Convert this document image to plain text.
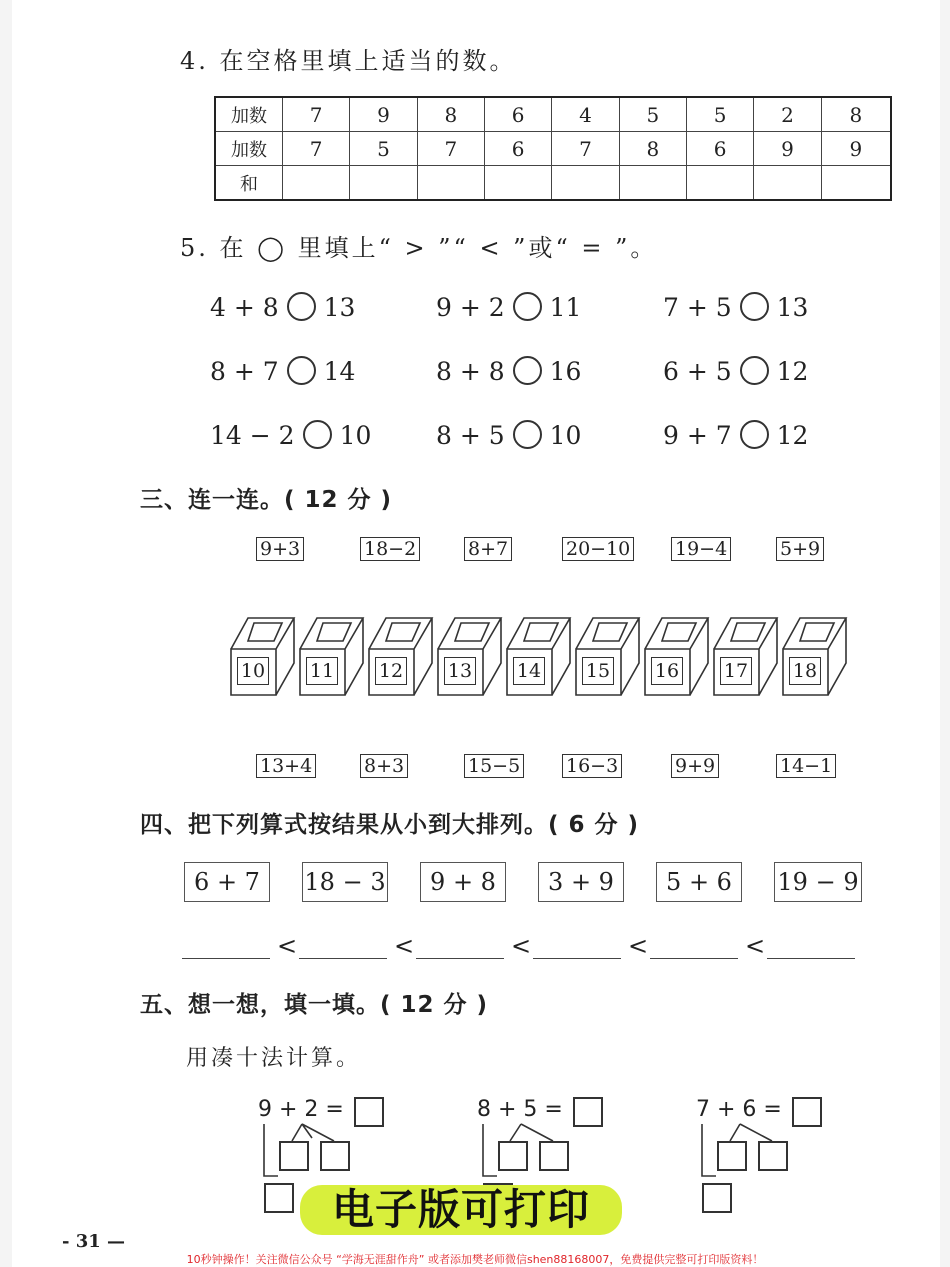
4. 在空格里填上适当的数。
加数	7	9	8	6	4	5	5	2	8
加数	7	5	7	6	7	8	6	9	9
和									
5. 在 ◯ 里填上“ > ”“ < ”或“ = ”。
4 + 8 13	9 + 2 11	7 + 5 13
8 + 7 14	8 + 8 16	6 + 5 12
14 − 2 10	8 + 5 10	9 + 7 12
三、连一连。( 12 分 )
9+3	18−2	8+7	20−10 19−4	5+9
13+4	8+3	15−5 16−3	9+9	14−1
10 11 12 13 14 15 16 17 18
四、把下列算式按结果从小到大排列。( 6 分 )
6 + 7	18 − 3	9 + 8	3 + 9	5 + 6	19 − 9
<	<	<	<	<
五、想一想，填一填。( 12 分 )
用凑十法计算。
9 + 2 =	8 + 5 =	7 + 6 =
电子版可打印
- 31 —
10秒钟操作！关注微信公众号 “学海无涯甜作舟” 或者添加樊老师微信shen88168007，免费提供完整可打印版资料！
